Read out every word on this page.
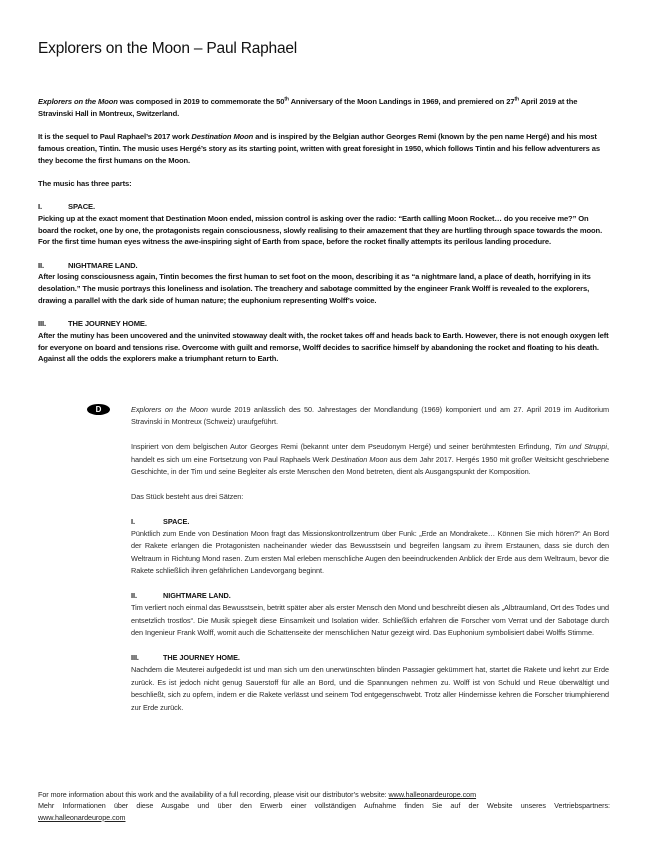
Explorers on the Moon – Paul Raphael

Explorers on the Moon was composed in 2019 to commemorate the 50th Anniversary of the Moon Landings in 1969, and premiered on 27th April 2019 at the Stravinski Hall in Montreux, Switzerland.

It is the sequel to Paul Raphael’s 2017 work Destination Moon and is inspired by the Belgian author Georges Remi (known by the pen name Hergé) and his most famous creation, Tintin. The music uses Hergé’s story as its starting point, written with great foresight in 1950, which follows Tintin and his fellow adventurers as they become the first humans on the Moon.

The music has three parts:

I.	SPACE.

Picking up at the exact moment that Destination Moon ended, mission control is asking over the radio: “Earth calling Moon Rocket… do you receive me?” On board the rocket, one by one, the protagonists regain consciousness, slowly realising to their amazement that they are hurtling through space towards the moon. For the first time human eyes witness the awe-inspiring sight of Earth from space, before the rocket finally attempts its perilous landing procedure.

II.	NIGHTMARE LAND.

After losing consciousness again, Tintin becomes the first human to set foot on the moon, describing it as “a nightmare land, a place of death, horrifying in its desolation.” The music portrays this loneliness and isolation. The treachery and sabotage committed by the engineer Frank Wolff is revealed to the explorers, drawing a parallel with the dark side of human nature; the euphonium representing Wolff’s voice.

III.	THE JOURNEY HOME.

After the mutiny has been uncovered and the uninvited stowaway dealt with, the rocket takes off and heads back to Earth. However, there is not enough oxygen left for everyone on board and tensions rise. Overcome with guilt and remorse, Wolff decides to sacrifice himself by abandoning the rocket and floating to his death. Against all the odds the explorers make a triumphant return to Earth.

D	Explorers on the Moon wurde 2019 anlässlich des 50. Jahrestages der Mondlandung (1969) komponiert und am 27. April 2019 im Auditorium Stravinski in Montreux (Schweiz) uraufgeführt.

Inspiriert von dem belgischen Autor Georges Remi (bekannt unter dem Pseudonym Hergé) und seiner berühmtesten Erfindung, Tim und Struppi, handelt es sich um eine Fortsetzung von Paul Raphaels Werk Destination Moon aus dem Jahr 2017. Hergés 1950 mit großer Weitsicht geschriebene Geschichte, in der Tim und seine Begleiter als erste Menschen den Mond betreten, dient als Ausgangspunkt der Komposition.

Das Stück besteht aus drei Sätzen:

I.	SPACE.

Pünktlich zum Ende von Destination Moon fragt das Missionskontrollzentrum über Funk: „Erde an Mondrakete… Können Sie mich hören?“ An Bord der Rakete erlangen die Protagonisten nacheinander wieder das Bewusstsein und begreifen langsam zu ihrem Erstaunen, dass sie durch den Weltraum in Richtung Mond rasen. Zum ersten Mal erleben menschliche Augen den beeindruckenden Anblick der Erde aus dem Weltraum, bevor die Rakete schließlich ihren gefährlichen Landevorgang beginnt.

II.	NIGHTMARE LAND.

Tim verliert noch einmal das Bewusstsein, betritt später aber als erster Mensch den Mond und beschreibt diesen als „Albtraumland, Ort des Todes und entsetzlich trostlos“. Die Musik spiegelt diese Einsamkeit und Isolation wider. Schließlich erfahren die Forscher vom Verrat und der Sabotage durch den Ingenieur Frank Wolff, womit auch die Schattenseite der menschlichen Natur gezeigt wird. Das Euphonium symbolisiert dabei Wolffs Stimme.

III.	THE JOURNEY HOME.

Nachdem die Meuterei aufgedeckt ist und man sich um den unerwünschten blinden Passagier gekümmert hat, startet die Rakete und kehrt zur Erde zurück. Es ist jedoch nicht genug Sauerstoff für alle an Bord, und die Spannungen nehmen zu. Wolff ist von Schuld und Reue überwältigt und beschließt, sich zu opfern, indem er die Rakete verlässt und seinem Tod entgegenschwebt. Trotz aller Hindernisse kehren die Forscher triumphierend zur Erde zurück.

For more information about this work and the availability of a full recording, please visit our distributor’s website: www.halleonardeurope.com
Mehr Informationen über diese Ausgabe und über den Erwerb einer vollständigen Aufnahme finden Sie auf der Website unseres Vertriebspartners:
www.halleonardeurope.com
